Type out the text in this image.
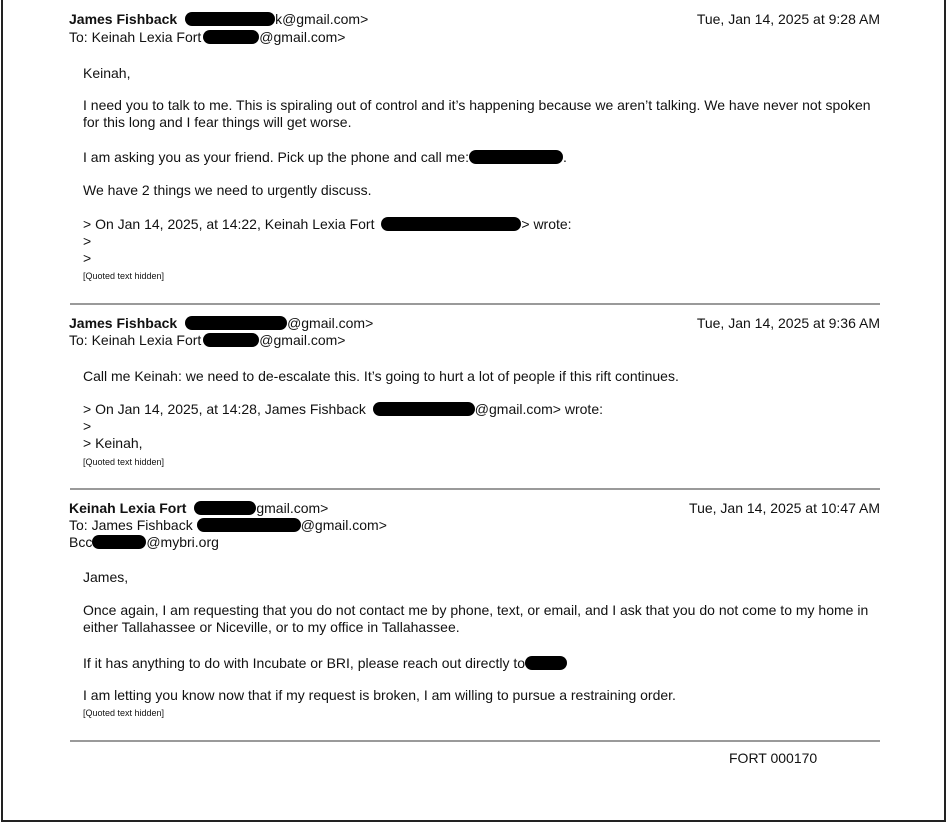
James Fishback	k@gmail.com>	Tue, Jan 14, 2025 at 9:28 AM
To: Keinah Lexia Fort	@gmail.com>
Keinah,
I need you to talk to me. This is spiraling out of control and it’s happening because we aren’t talking. We have never not spoken for this long and I fear things will get worse.
I am asking you as your friend. Pick up the phone and call me:	.
We have 2 things we need to urgently discuss.
> On Jan 14, 2025, at 14:22, Keinah Lexia Fort	> wrote:
>
>
[Quoted text hidden]
James Fishback	@gmail.com>	Tue, Jan 14, 2025 at 9:36 AM
To: Keinah Lexia Fort	@gmail.com>
Call me Keinah: we need to de-escalate this. It’s going to hurt a lot of people if this rift continues.
> On Jan 14, 2025, at 14:28, James Fishback	@gmail.com> wrote:
>
> Keinah,
[Quoted text hidden]
Keinah Lexia Fort	gmail.com>	Tue, Jan 14, 2025 at 10:47 AM
To: James Fishback	@gmail.com>
Bcc	@mybri.org
James,
Once again, I am requesting that you do not contact me by phone, text, or email, and I ask that you do not come to my home in either Tallahassee or Niceville, or to my office in Tallahassee.
If it has anything to do with Incubate or BRI, please reach out directly to
I am letting you know now that if my request is broken, I am willing to pursue a restraining order.
[Quoted text hidden]
FORT 000170
